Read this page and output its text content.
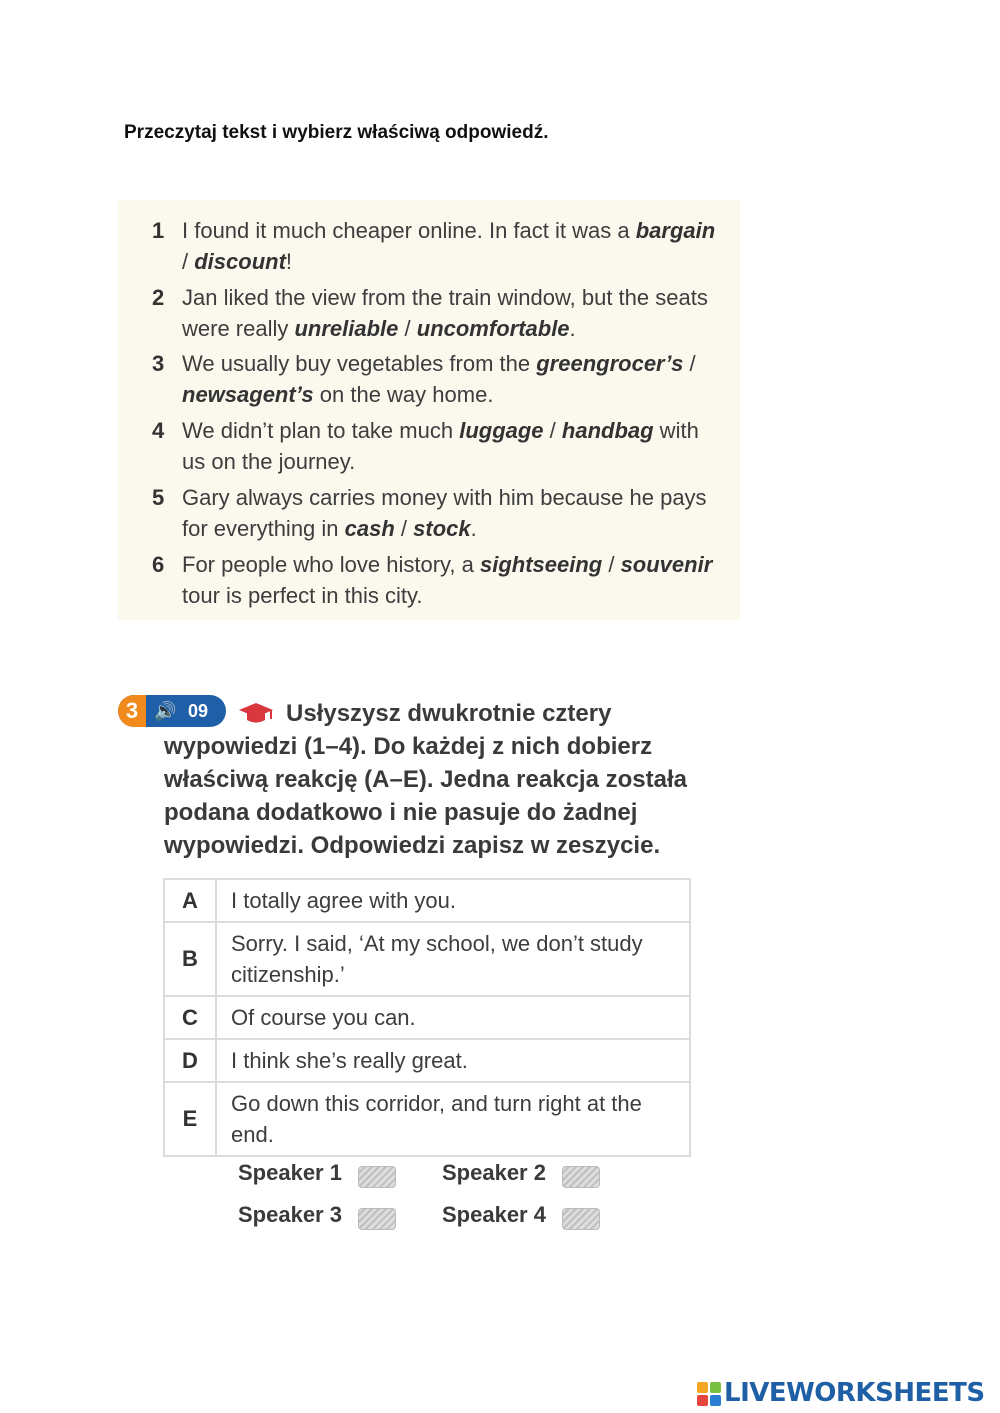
Przeczytaj tekst i wybierz właściwą odpowiedź.
1 I found it much cheaper online. In fact it was a bargain / discount!
2 Jan liked the view from the train window, but the seats were really unreliable / uncomfortable.
3 We usually buy vegetables from the greengrocer’s / newsagent’s on the way home.
4 We didn’t plan to take much luggage / handbag with us on the journey.
5 Gary always carries money with him because he pays for everything in cash / stock.
6 For people who love history, a sightseeing / souvenir tour is perfect in this city.
3 🔊 09	Usłyszysz dwukrotnie cztery wypowiedzi (1–4). Do każdej z nich dobierz właściwą reakcję (A–E). Jedna reakcja została podana dodatkowo i nie pasuje do żadnej wypowiedzi. Odpowiedzi zapisz w zeszycie.
A	I totally agree with you.
B	Sorry. I said, ‘At my school, we don’t study citizenship.’
C	Of course you can.
D	I think she’s really great.
E	Go down this corridor, and turn right at the end.
Speaker 1	Speaker 2
Speaker 3	Speaker 4
LIVEWORKSHEETS
